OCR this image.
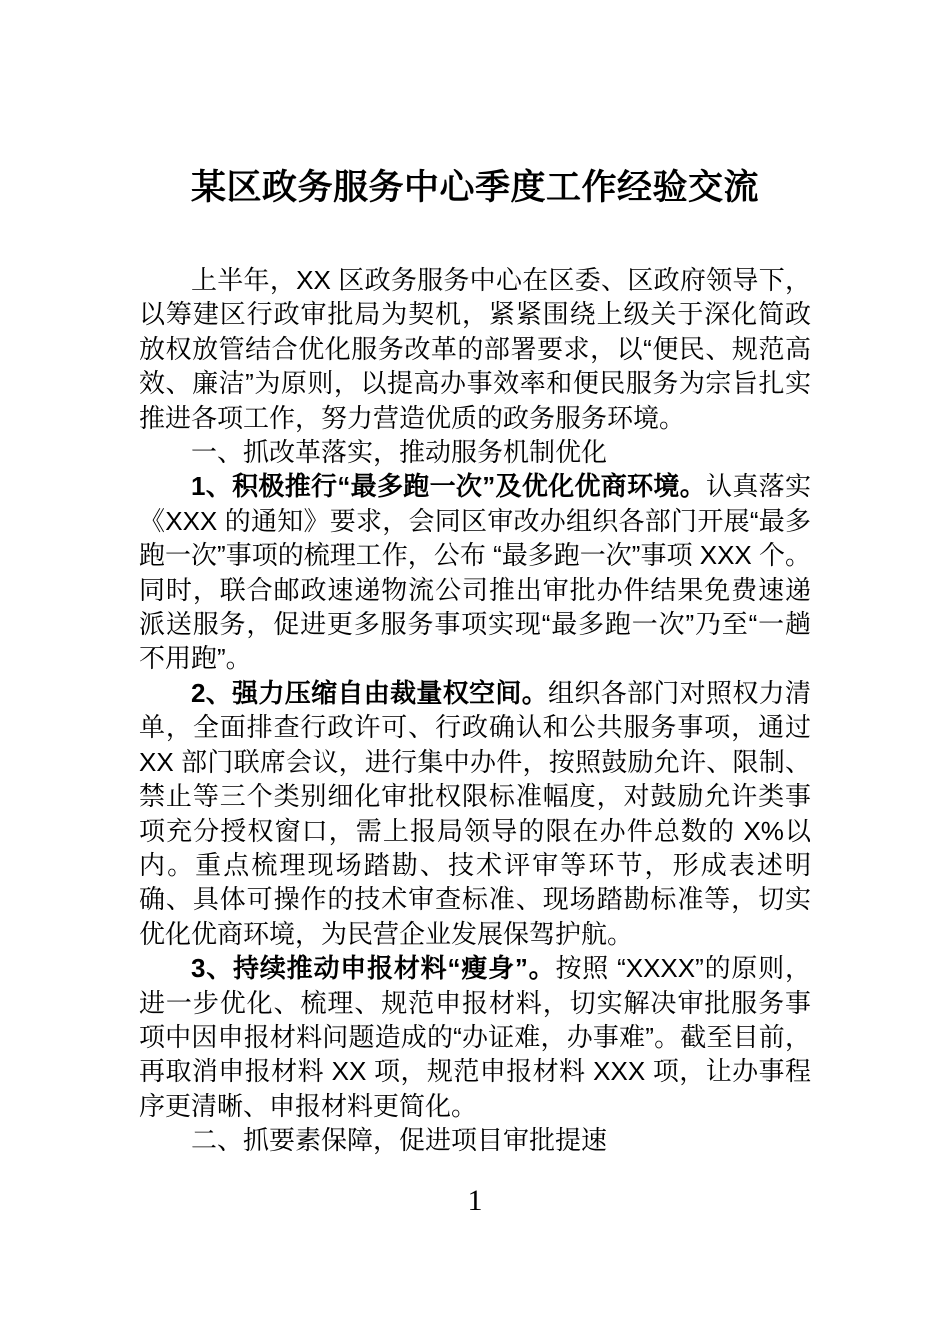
某区政务服务中心季度工作经验交流

上半年，XX 区政务服务中心在区委、区政府领导下，以筹建区行政审批局为契机，紧紧围绕上级关于深化简政放权放管结合优化服务改革的部署要求，以“便民、规范高效、廉洁”为原则，以提高办事效率和便民服务为宗旨扎实推进各项工作，努力营造优质的政务服务环境。

一、抓改革落实，推动服务机制优化

1、积极推行“最多跑一次”及优化优商环境。认真落实《XXX 的通知》要求，会同区审改办组织各部门开展“最多跑一次”事项的梳理工作，公布 “最多跑一次”事项 XXX 个。同时，联合邮政速递物流公司推出审批办件结果免费速递派送服务，促进更多服务事项实现“最多跑一次”乃至“一趟不用跑”。

2、强力压缩自由裁量权空间。组织各部门对照权力清单，全面排查行政许可、行政确认和公共服务事项，通过 XX 部门联席会议，进行集中办件，按照鼓励允许、限制、禁止等三个类别细化审批权限标准幅度，对鼓励允许类事项充分授权窗口，需上报局领导的限在办件总数的 X%以内。重点梳理现场踏勘、技术评审等环节，形成表述明确、具体可操作的技术审查标准、现场踏勘标准等，切实优化优商环境，为民营企业发展保驾护航。

3、持续推动申报材料“瘦身”。按照 “XXXX”的原则，进一步优化、梳理、规范申报材料，切实解决审批服务事项中因申报材料问题造成的“办证难，办事难”。截至目前，再取消申报材料 XX 项，规范申报材料 XXX 项，让办事程序更清晰、申报材料更简化。

二、抓要素保障，促进项目审批提速

1
